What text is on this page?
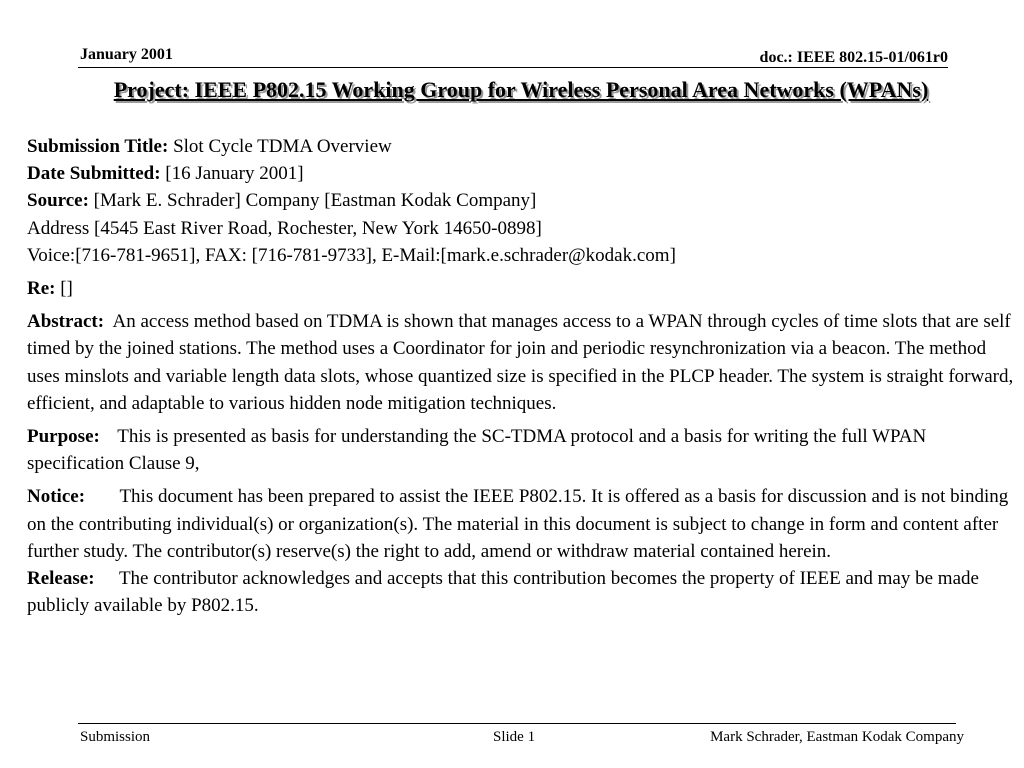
January 2001	doc.: IEEE 802.15-01/061r0
Project: IEEE P802.15 Working Group for Wireless Personal Area Networks (WPANs)

Submission Title: Slot Cycle TDMA Overview

Date Submitted: [16 January 2001]

Source: [Mark E. Schrader] Company [Eastman Kodak Company]

Address [4545 East River Road, Rochester, New York 14650-0898]

Voice:[716-781-9651], FAX: [716-781-9733], E-Mail:[mark.e.schrader@kodak.com]

Re: []

Abstract: An access method based on TDMA is shown that manages access to a WPAN through cycles of time slots that are self timed by the joined stations. The method uses a Coordinator for join and periodic resynchronization via a beacon. The method uses minslots and variable length data slots, whose quantized size is specified in the PLCP header. The system is straight forward, efficient, and adaptable to various hidden node mitigation techniques.

Purpose: This is presented as basis for understanding the SC-TDMA protocol and a basis for writing the full WPAN specification Clause 9,

Notice: This document has been prepared to assist the IEEE P802.15. It is offered as a basis for discussion and is not binding on the contributing individual(s) or organization(s). The material in this document is subject to change in form and content after further study. The contributor(s) reserve(s) the right to add, amend or withdraw material contained herein.

Release: The contributor acknowledges and accepts that this contribution becomes the property of IEEE and may be made publicly available by P802.15.

Submission	Slide 1	Mark Schrader, Eastman Kodak Company
